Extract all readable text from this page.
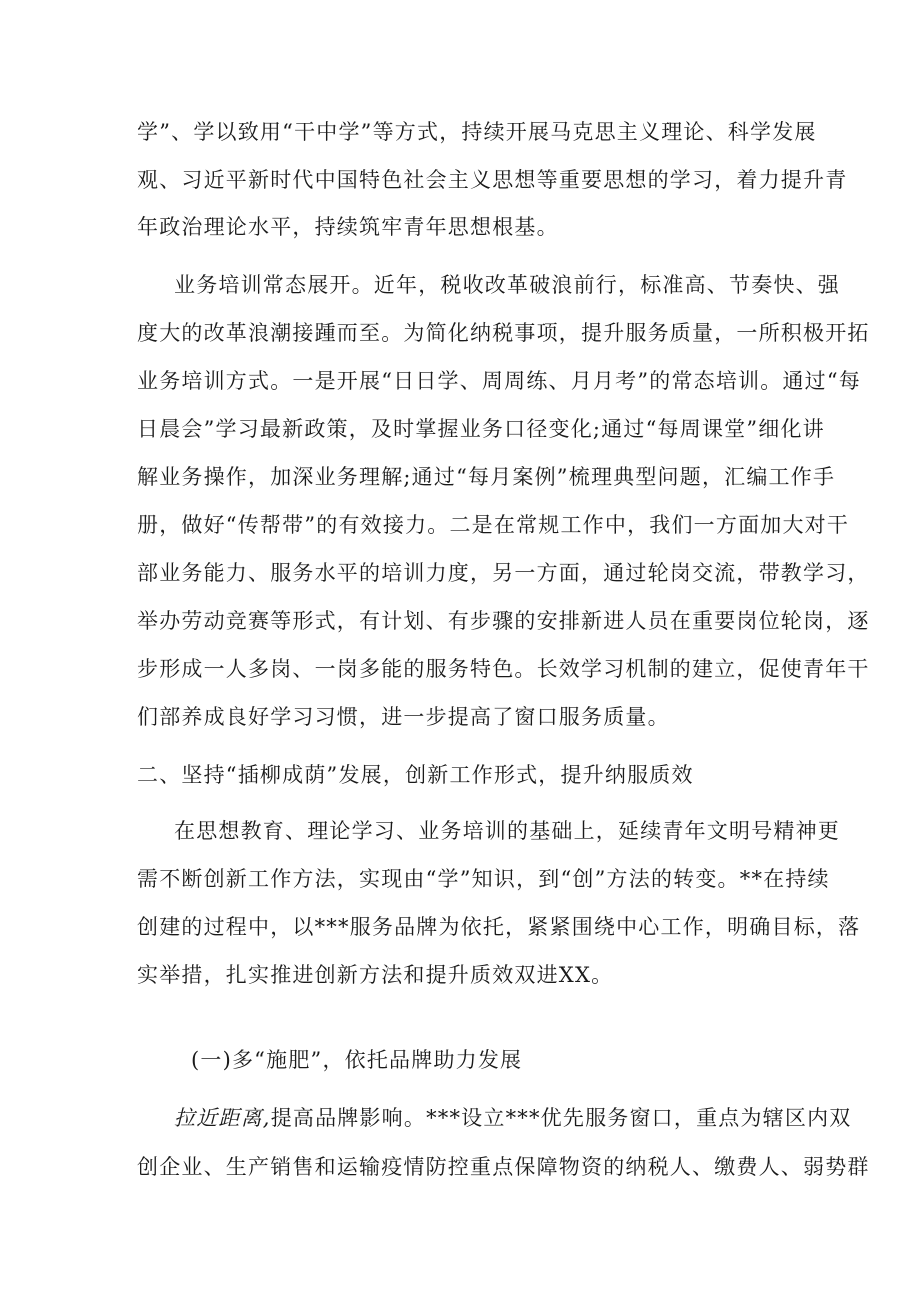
学”、学以致用“干中学”等方式，持续开展马克思主义理论、科学发展
观、习近平新时代中国特色社会主义思想等重要思想的学习，着力提升青
年政治理论水平，持续筑牢青年思想根基。
业务培训常态展开。近年，税收改革破浪前行，标准高、节奏快、强
度大的改革浪潮接踵而至。为简化纳税事项，提升服务质量，一所积极开拓
业务培训方式。一是开展“日日学、周周练、月月考”的常态培训。通过“每
日晨会”学习最新政策，及时掌握业务口径变化;通过“每周课堂”细化讲
解业务操作，加深业务理解;通过“每月案例”梳理典型问题，汇编工作手
册，做好“传帮带”的有效接力。二是在常规工作中，我们一方面加大对干
部业务能力、服务水平的培训力度，另一方面，通过轮岗交流，带教学习，
举办劳动竞赛等形式，有计划、有步骤的安排新进人员在重要岗位轮岗，逐
步形成一人多岗、一岗多能的服务特色。长效学习机制的建立，促使青年干
们部养成良好学习习惯，进一步提高了窗口服务质量。
二、坚持“插柳成荫”发展，创新工作形式，提升纳服质效
在思想教育、理论学习、业务培训的基础上，延续青年文明号精神更
需不断创新工作方法，实现由“学”知识，到“创”方法的转变。**在持续
创建的过程中，以***服务品牌为依托，紧紧围绕中心工作，明确目标，落
实举措，扎实推进创新方法和提升质效双进XX。
(一)多“施肥”，依托品牌助力发展
拉近距离,提高品牌影响。***设立***优先服务窗口，重点为辖区内双
创企业、生产销售和运输疫情防控重点保障物资的纳税人、缴费人、弱势群
